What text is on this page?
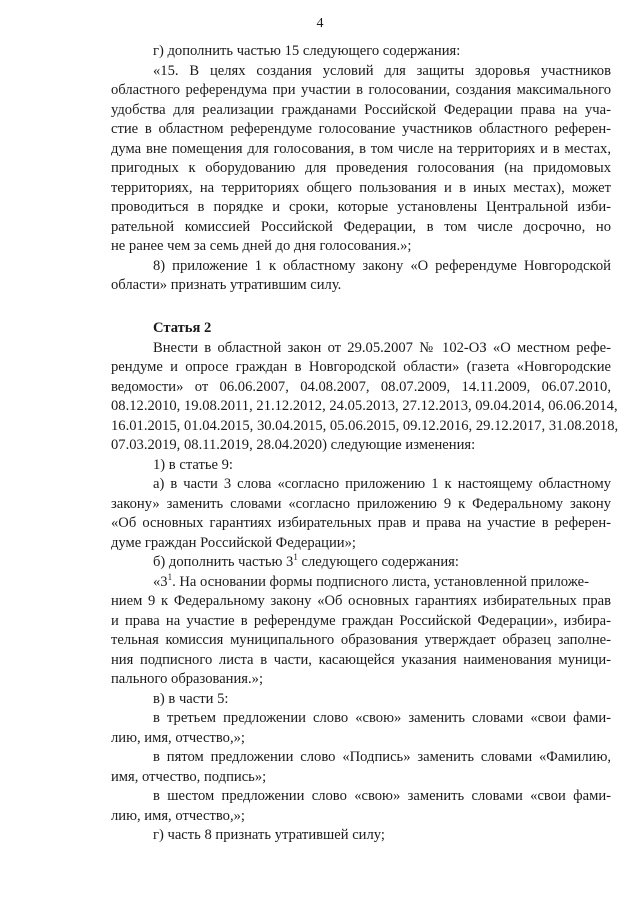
4
г) дополнить частью 15 следующего содержания:
«15. В целях создания условий для защиты здоровья участников
областного референдума при участии в голосовании, создания максимального
удобства для реализации гражданами Российской Федерации права на уча-
стие в областном референдуме голосование участников областного референ-
дума вне помещения для голосования, в том числе на территориях и в местах,
пригодных к оборудованию для проведения голосования (на придомовых
территориях, на территориях общего пользования и в иных местах), может
проводиться в порядке и сроки, которые установлены Центральной изби-
рательной комиссией Российской Федерации, в том числе досрочно, но
не ранее чем за семь дней до дня голосования.»;
8) приложение 1 к областному закону «О референдуме Новгородской
области» признать утратившим силу.
Статья 2
Внести в областной закон от 29.05.2007 № 102-ОЗ «О местном рефе-
рендуме и опросе граждан в Новгородской области» (газета «Новгородские
ведомости» от 06.06.2007, 04.08.2007, 08.07.2009, 14.11.2009, 06.07.2010,
08.12.2010, 19.08.2011, 21.12.2012, 24.05.2013, 27.12.2013, 09.04.2014, 06.06.2014,
16.01.2015, 01.04.2015, 30.04.2015, 05.06.2015, 09.12.2016, 29.12.2017, 31.08.2018,
07.03.2019, 08.11.2019, 28.04.2020) следующие изменения:
1) в статье 9:
а) в части 3 слова «согласно приложению 1 к настоящему областному
закону» заменить словами «согласно приложению 9 к Федеральному закону
«Об основных гарантиях избирательных прав и права на участие в референ-
думе граждан Российской Федерации»;
б) дополнить частью $3^1$ следующего содержания:
«$3^1$. На основании формы подписного листа, установленной приложе-
нием 9 к Федеральному закону «Об основных гарантиях избирательных прав
и права на участие в референдуме граждан Российской Федерации», избира-
тельная комиссия муниципального образования утверждает образец заполне-
ния подписного листа в части, касающейся указания наименования муници-
пального образования.»;
в) в части 5:
в третьем предложении слово «свою» заменить словами «свои фами-
лию, имя, отчество,»;
в пятом предложении слово «Подпись» заменить словами «Фамилию,
имя, отчество, подпись»;
в шестом предложении слово «свою» заменить словами «свои фами-
лию, имя, отчество,»;
г) часть 8 признать утратившей силу;
